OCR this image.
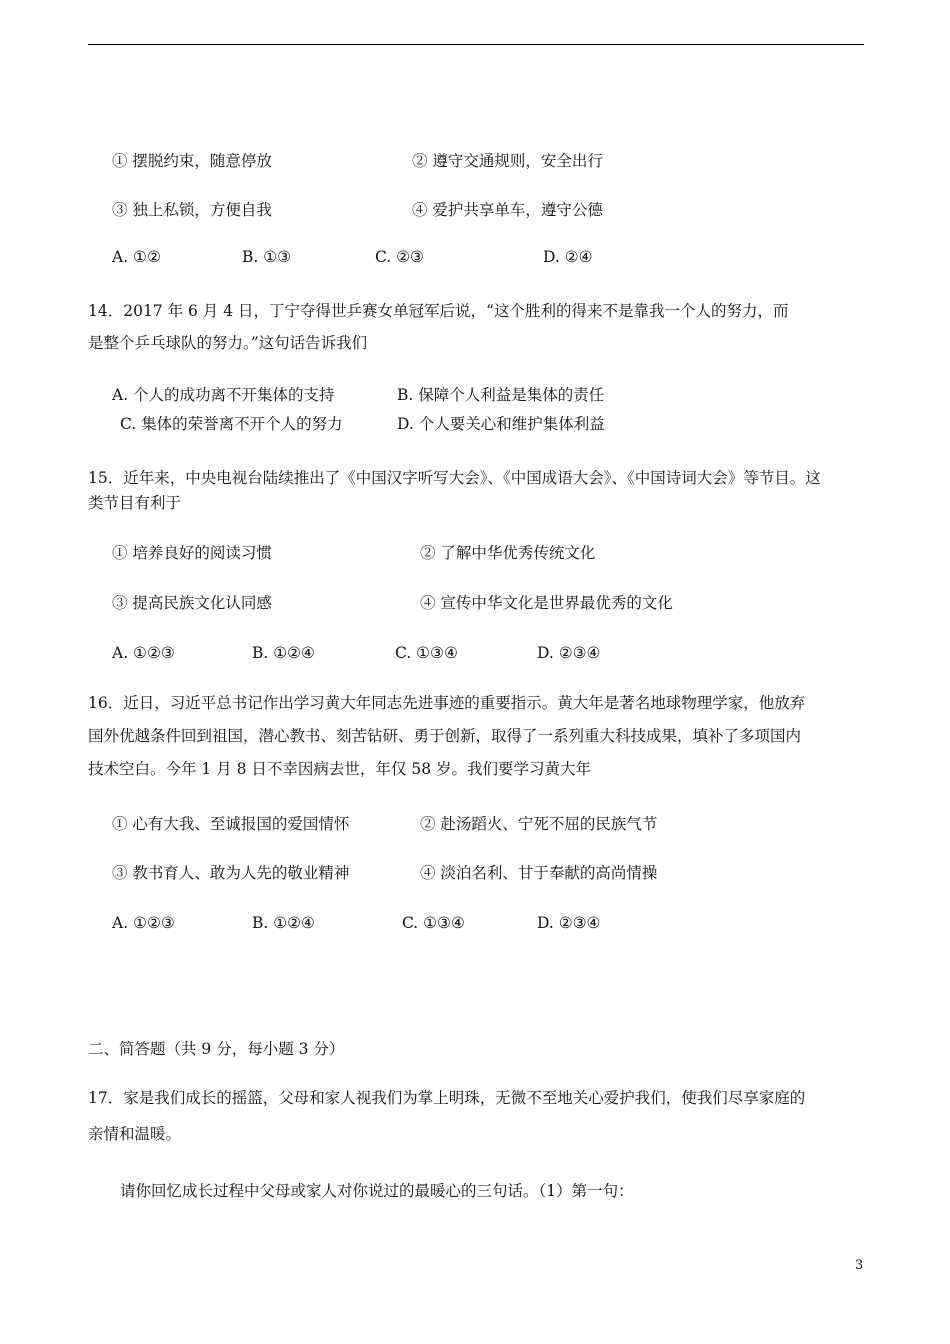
① 摆脱约束，随意停放	② 遵守交通规则，安全出行
③ 独上私锁，方便自我	④ 爱护共享单车，遵守公德
A. ①②	B. ①③	C. ②③	D. ②④
14．2017 年 6 月 4 日，丁宁夺得世乒赛女单冠军后说，“这个胜利的得来不是靠我一个人的努力，而
是整个乒乓球队的努力。”这句话告诉我们
A. 个人的成功离不开集体的支持	B. 保障个人利益是集体的责任
C. 集体的荣誉离不开个人的努力	D. 个人要关心和维护集体利益
15．近年来，中央电视台陆续推出了《中国汉字听写大会》、《中国成语大会》、《中国诗词大会》等节目。这
类节目有利于
① 培养良好的阅读习惯	② 了解中华优秀传统文化
③ 提高民族文化认同感	④ 宣传中华文化是世界最优秀的文化
A. ①②③	B. ①②④	C. ①③④	D. ②③④
16．近日，习近平总书记作出学习黄大年同志先进事迹的重要指示。黄大年是著名地球物理学家，他放弃
国外优越条件回到祖国，潜心教书、刻苦钻研、勇于创新，取得了一系列重大科技成果，填补了多项国内
技术空白。今年 1 月 8 日不幸因病去世，年仅 58 岁。我们要学习黄大年
① 心有大我、至诚报国的爱国情怀	② 赴汤蹈火、宁死不屈的民族气节
③ 教书育人、敢为人先的敬业精神	④ 淡泊名利、甘于奉献的高尚情操
A. ①②③	B. ①②④	C. ①③④	D. ②③④
二、简答题（共 9 分，每小题 3 分）
17．家是我们成长的摇篮，父母和家人视我们为掌上明珠，无微不至地关心爱护我们，使我们尽享家庭的
亲情和温暖。
请你回忆成长过程中父母或家人对你说过的最暖心的三句话。（1）第一句：
3
